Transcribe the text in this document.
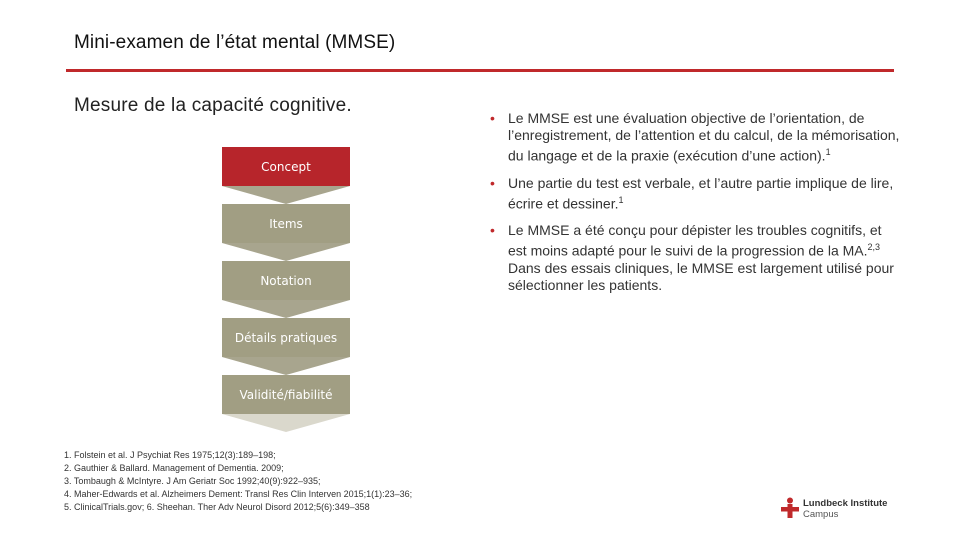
Mini-examen de l’état mental (MMSE)
Mesure de la capacité cognitive.
Concept
Items
Notation
Détails pratiques
Validité/fiabilité
• Le MMSE est une évaluation objective de l’orientation, de l’enregistrement, de l’attention et du calcul, de la mémorisation, du langage et de la praxie (exécution d’une action).$^1$
• Une partie du test est verbale, et l’autre partie implique de lire, écrire et dessiner.$^1$
• Le MMSE a été conçu pour dépister les troubles cognitifs, et est moins adapté pour le suivi de la progression de la MA.$^{2,3}$ Dans des essais cliniques, le MMSE est largement utilisé pour sélectionner les patients.
1. Folstein et al. J Psychiat Res 1975;12(3):189–198;
2. Gauthier & Ballard. Management of Dementia. 2009;
3. Tombaugh & McIntyre. J Am Geriatr Soc 1992;40(9):922–935;
4. Maher-Edwards et al. Alzheimers Dement: Transl Res Clin Interven 2015;1(1):23–36;
5. ClinicalTrials.gov; 6. Sheehan. Ther Adv Neurol Disord 2012;5(6):349–358	Lundbeck Institute
Campus
